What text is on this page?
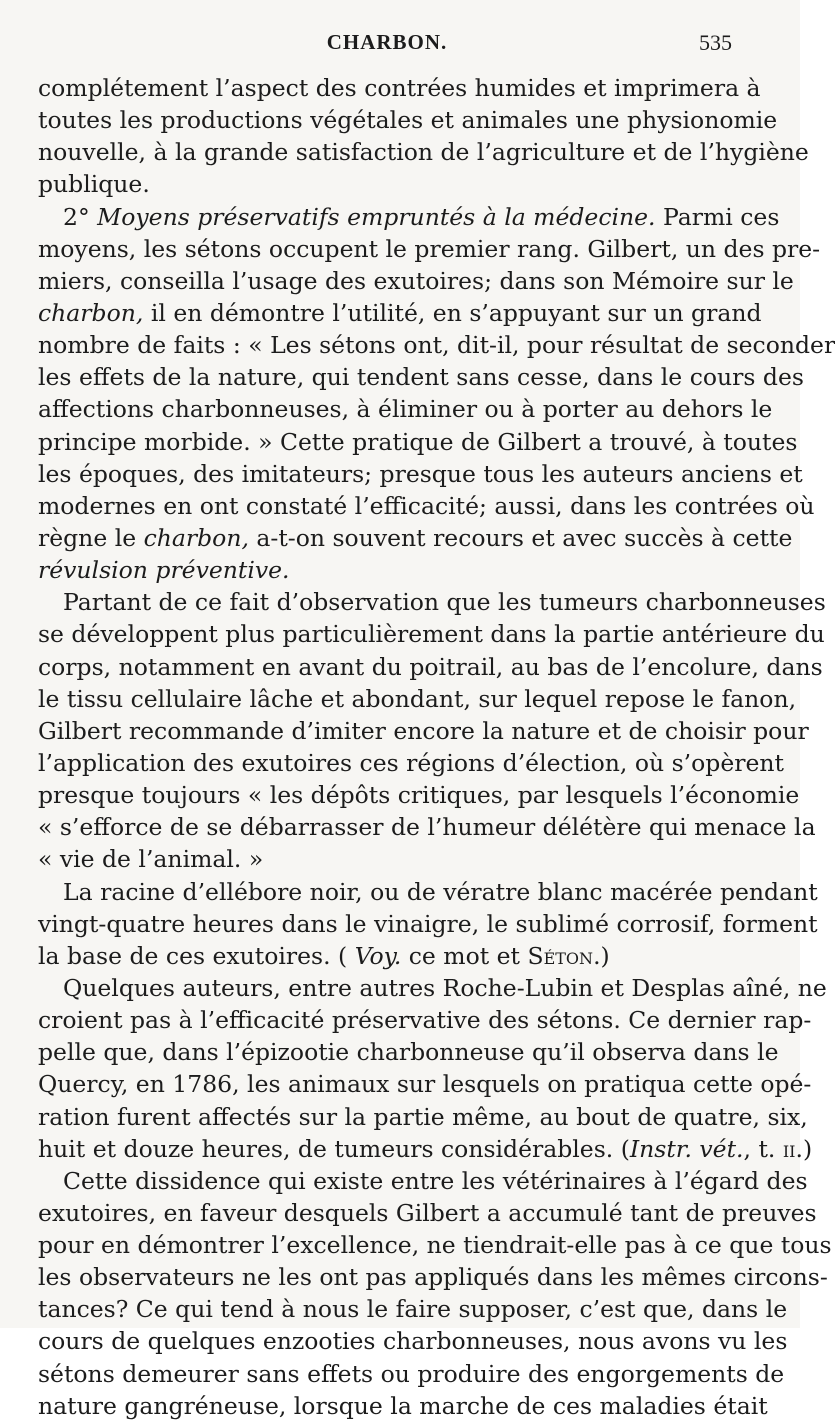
CHARBON.	535
complétement l’aspect des contrées humides et imprimera à
toutes les productions végétales et animales une physionomie
nouvelle, à la grande satisfaction de l’agriculture et de l’hygiène
publique.
2° Moyens préservatifs empruntés à la médecine. Parmi ces
moyens, les sétons occupent le premier rang. Gilbert, un des pre-
miers, conseilla l’usage des exutoires; dans son Mémoire sur le
charbon, il en démontre l’utilité, en s’appuyant sur un grand
nombre de faits : « Les sétons ont, dit-il, pour résultat de seconder
les effets de la nature, qui tendent sans cesse, dans le cours des
affections charbonneuses, à éliminer ou à porter au dehors le
principe morbide. » Cette pratique de Gilbert a trouvé, à toutes
les époques, des imitateurs; presque tous les auteurs anciens et
modernes en ont constaté l’efficacité; aussi, dans les contrées où
règne le charbon, a-t-on souvent recours et avec succès à cette
révulsion préventive.
Partant de ce fait d’observation que les tumeurs charbonneuses
se développent plus particulièrement dans la partie antérieure du
corps, notamment en avant du poitrail, au bas de l’encolure, dans
le tissu cellulaire lâche et abondant, sur lequel repose le fanon,
Gilbert recommande d’imiter encore la nature et de choisir pour
l’application des exutoires ces régions d’élection, où s’opèrent
presque toujours « les dépôts critiques, par lesquels l’économie
« s’efforce de se débarrasser de l’humeur délétère qui menace la
« vie de l’animal. »
La racine d’ellébore noir, ou de vératre blanc macérée pendant
vingt-quatre heures dans le vinaigre, le sublimé corrosif, forment
la base de ces exutoires. ( Voy. ce mot et Séton.)
Quelques auteurs, entre autres Roche-Lubin et Desplas aîné, ne
croient pas à l’efficacité préservative des sétons. Ce dernier rap-
pelle que, dans l’épizootie charbonneuse qu’il observa dans le
Quercy, en 1786, les animaux sur lesquels on pratiqua cette opé-
ration furent affectés sur la partie même, au bout de quatre, six,
huit et douze heures, de tumeurs considérables. (Instr. vét., t. ii.)
Cette dissidence qui existe entre les vétérinaires à l’égard des
exutoires, en faveur desquels Gilbert a accumulé tant de preuves
pour en démontrer l’excellence, ne tiendrait-elle pas à ce que tous
les observateurs ne les ont pas appliqués dans les mêmes circons-
tances? Ce qui tend à nous le faire supposer, c’est que, dans le
cours de quelques enzooties charbonneuses, nous avons vu les
sétons demeurer sans effets ou produire des engorgements de
nature gangréneuse, lorsque la marche de ces maladies était
